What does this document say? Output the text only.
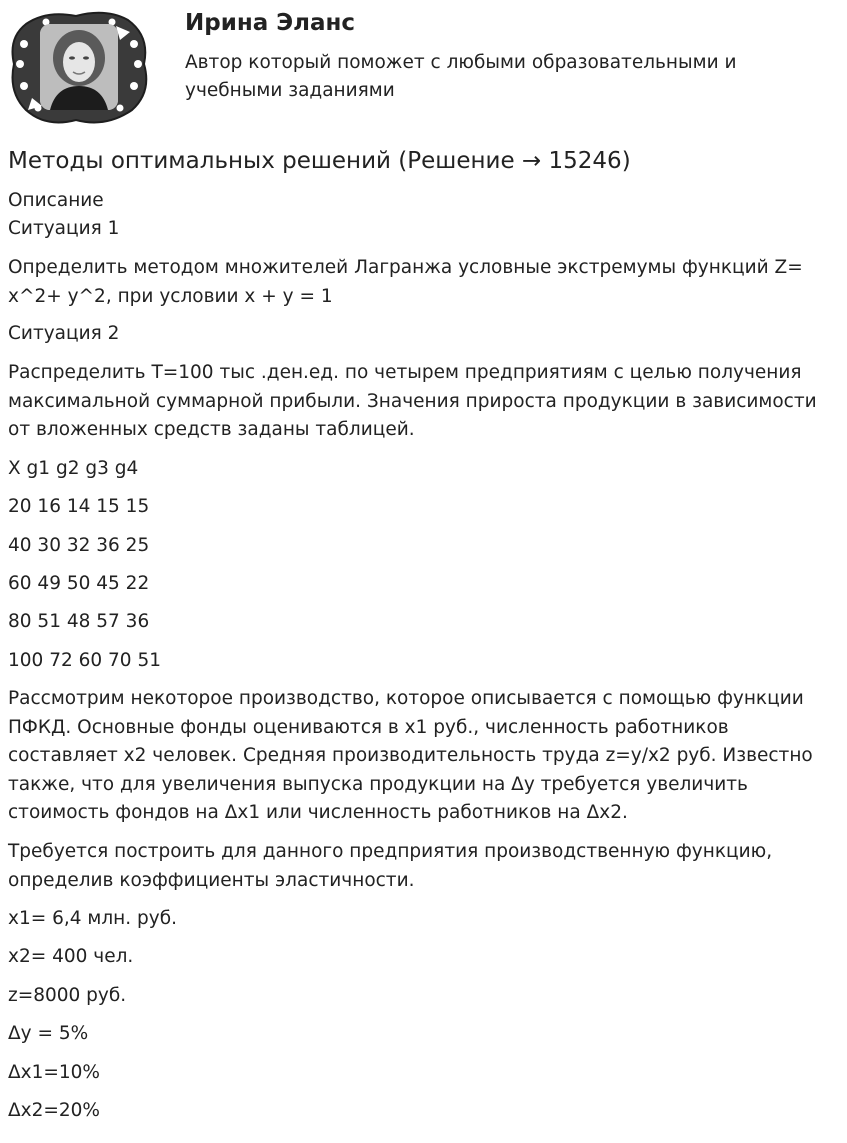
Ирина Эланс

Автор который поможет с любыми образовательными и учебными заданиями

Методы оптимальных решений (Решение → 15246)

Описание

Ситуация 1

Определить методом множителей Лагранжа условные экстремумы функций Z= x^2+ y^2, при условии x + y = 1

Ситуация 2

Распределить T=100 тыс .ден.ед. по четырем предприятиям с целью получения максимальной суммарной прибыли. Значения прироста продукции в зависимости от вложенных средств заданы таблицей.

X g1 g2 g3 g4

20 16 14 15 15

40 30 32 36 25

60 49 50 45 22

80 51 48 57 36

100 72 60 70 51

Рассмотрим некоторое производство, которое описывается с помощью функции ПФКД. Основные фонды оцениваются в x1 руб., численность работников составляет x2 человек. Средняя производительность труда z=y/x2 руб. Известно также, что для увеличения выпуска продукции на Δy требуется увеличить стоимость фондов на Δx1 или численность работников на Δx2.

Требуется построить для данного предприятия производственную функцию, определив коэффициенты эластичности.

x1= 6,4 млн. руб.

x2= 400 чел.

z=8000 руб.

Δy = 5%

Δx1=10%

Δx2=20%
